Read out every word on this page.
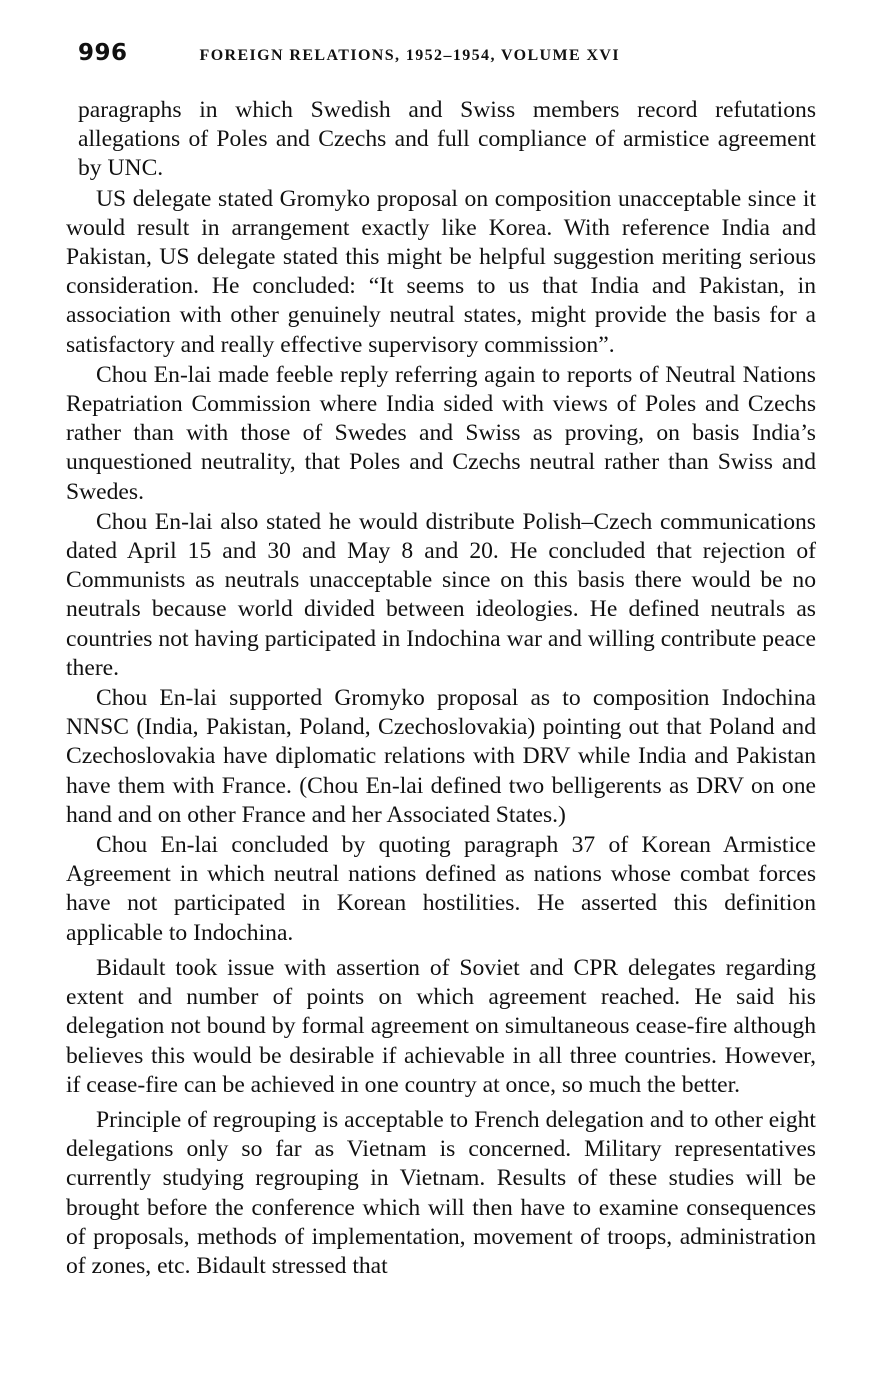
996	FOREIGN RELATIONS, 1952–1954, VOLUME XVI

paragraphs in which Swedish and Swiss members record refutations allegations of Poles and Czechs and full compliance of armistice agreement by UNC.

US delegate stated Gromyko proposal on composition unacceptable since it would result in arrangement exactly like Korea. With reference India and Pakistan, US delegate stated this might be helpful suggestion meriting serious consideration. He concluded: “It seems to us that India and Pakistan, in association with other genuinely neutral states, might provide the basis for a satisfactory and really effective supervisory commission”.

Chou En-lai made feeble reply referring again to reports of Neutral Nations Repatriation Commission where India sided with views of Poles and Czechs rather than with those of Swedes and Swiss as proving, on basis India’s unquestioned neutrality, that Poles and Czechs neutral rather than Swiss and Swedes.

Chou En-lai also stated he would distribute Polish–Czech communications dated April 15 and 30 and May 8 and 20. He concluded that rejection of Communists as neutrals unacceptable since on this basis there would be no neutrals because world divided between ideologies. He defined neutrals as countries not having participated in Indochina war and willing contribute peace there.

Chou En-lai supported Gromyko proposal as to composition Indochina NNSC (India, Pakistan, Poland, Czechoslovakia) pointing out that Poland and Czechoslovakia have diplomatic relations with DRV while India and Pakistan have them with France. (Chou En-lai defined two belligerents as DRV on one hand and on other France and her Associated States.)

Chou En-lai concluded by quoting paragraph 37 of Korean Armistice Agreement in which neutral nations defined as nations whose combat forces have not participated in Korean hostilities. He asserted this definition applicable to Indochina.

Bidault took issue with assertion of Soviet and CPR delegates regarding extent and number of points on which agreement reached. He said his delegation not bound by formal agreement on simultaneous cease-fire although believes this would be desirable if achievable in all three countries. However, if cease-fire can be achieved in one country at once, so much the better.

Principle of regrouping is acceptable to French delegation and to other eight delegations only so far as Vietnam is concerned. Military representatives currently studying regrouping in Vietnam. Results of these studies will be brought before the conference which will then have to examine consequences of proposals, methods of implementation, movement of troops, administration of zones, etc. Bidault stressed that
